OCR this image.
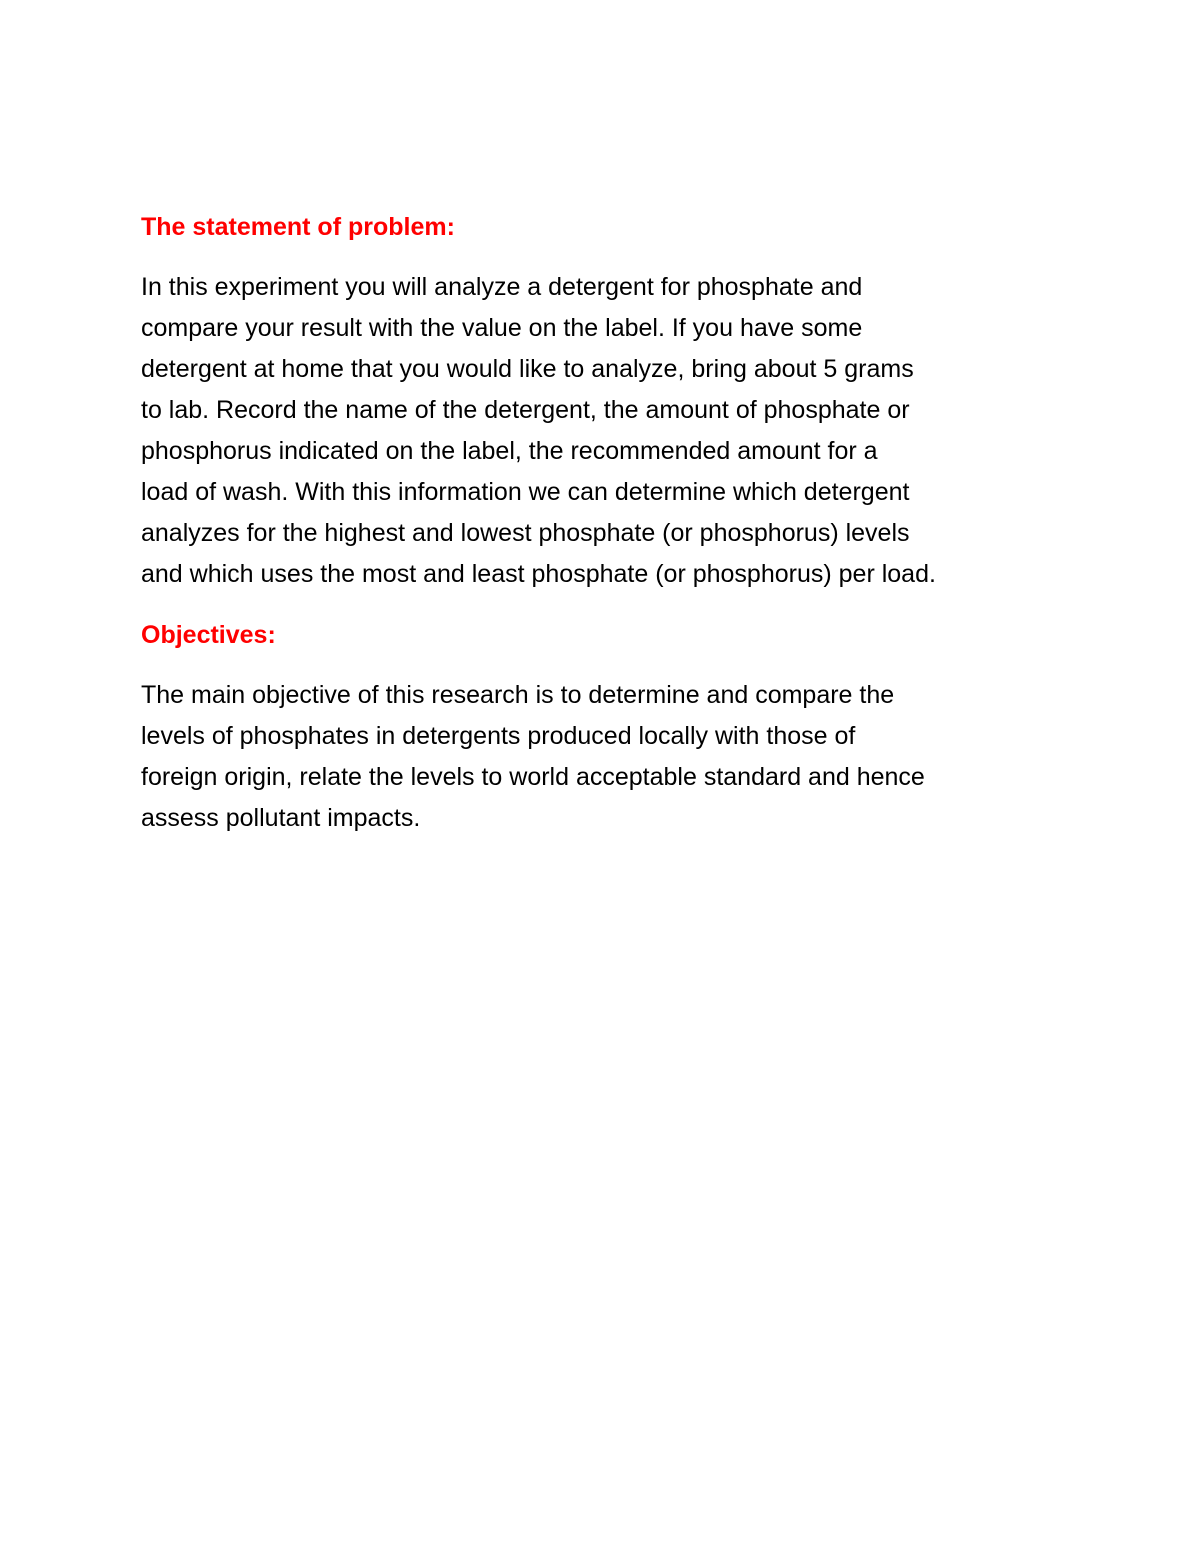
The statement of problem:
In this experiment you will analyze a detergent for phosphate and
compare your result with the value on the label. If you have some
detergent at home that you would like to analyze, bring about 5 grams
to lab. Record the name of the detergent, the amount of phosphate or
phosphorus indicated on the label, the recommended amount for a
load of wash. With this information we can determine which detergent
analyzes for the highest and lowest phosphate (or phosphorus) levels
and which uses the most and least phosphate (or phosphorus) per load.
Objectives:
The main objective of this research is to determine and compare the
levels of phosphates in detergents produced locally with those of
foreign origin, relate the levels to world acceptable standard and hence
assess pollutant impacts.
